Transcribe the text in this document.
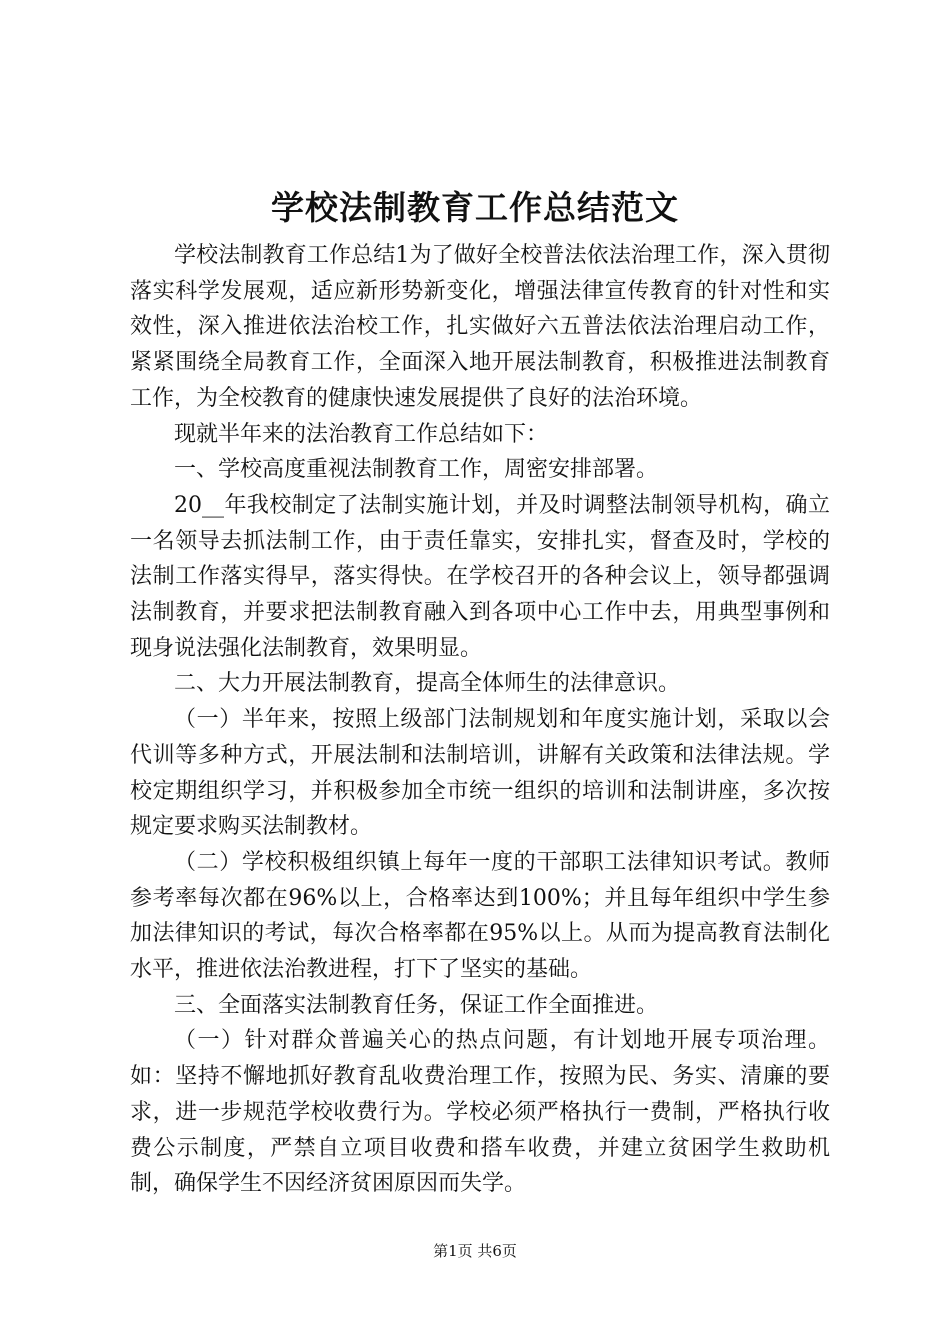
学校法制教育工作总结范文

学校法制教育工作总结1为了做好全校普法依法治理工作，深入贯彻落实科学发展观，适应新形势新变化，增强法律宣传教育的针对性和实效性，深入推进依法治校工作，扎实做好六五普法依法治理启动工作，紧紧围绕全局教育工作，全面深入地开展法制教育，积极推进法制教育工作，为全校教育的健康快速发展提供了良好的法治环境。

现就半年来的法治教育工作总结如下：

一、学校高度重视法制教育工作，周密安排部署。

20__年我校制定了法制实施计划，并及时调整法制领导机构，确立一名领导去抓法制工作，由于责任靠实，安排扎实，督查及时，学校的法制工作落实得早，落实得快。在学校召开的各种会议上，领导都强调法制教育，并要求把法制教育融入到各项中心工作中去，用典型事例和现身说法强化法制教育，效果明显。

二、大力开展法制教育，提高全体师生的法律意识。

（一）半年来，按照上级部门法制规划和年度实施计划，采取以会代训等多种方式，开展法制和法制培训，讲解有关政策和法律法规。学校定期组织学习，并积极参加全市统一组织的培训和法制讲座，多次按规定要求购买法制教材。

（二）学校积极组织镇上每年一度的干部职工法律知识考试。教师参考率每次都在96%以上，合格率达到100%；并且每年组织中学生参加法律知识的考试，每次合格率都在95%以上。从而为提高教育法制化水平，推进依法治教进程，打下了坚实的基础。

三、全面落实法制教育任务，保证工作全面推进。

（一）针对群众普遍关心的热点问题，有计划地开展专项治理。如：坚持不懈地抓好教育乱收费治理工作，按照为民、务实、清廉的要求，进一步规范学校收费行为。学校必须严格执行一费制，严格执行收费公示制度，严禁自立项目收费和搭车收费，并建立贫困学生救助机制，确保学生不因经济贫困原因而失学。

第1页 共6页
